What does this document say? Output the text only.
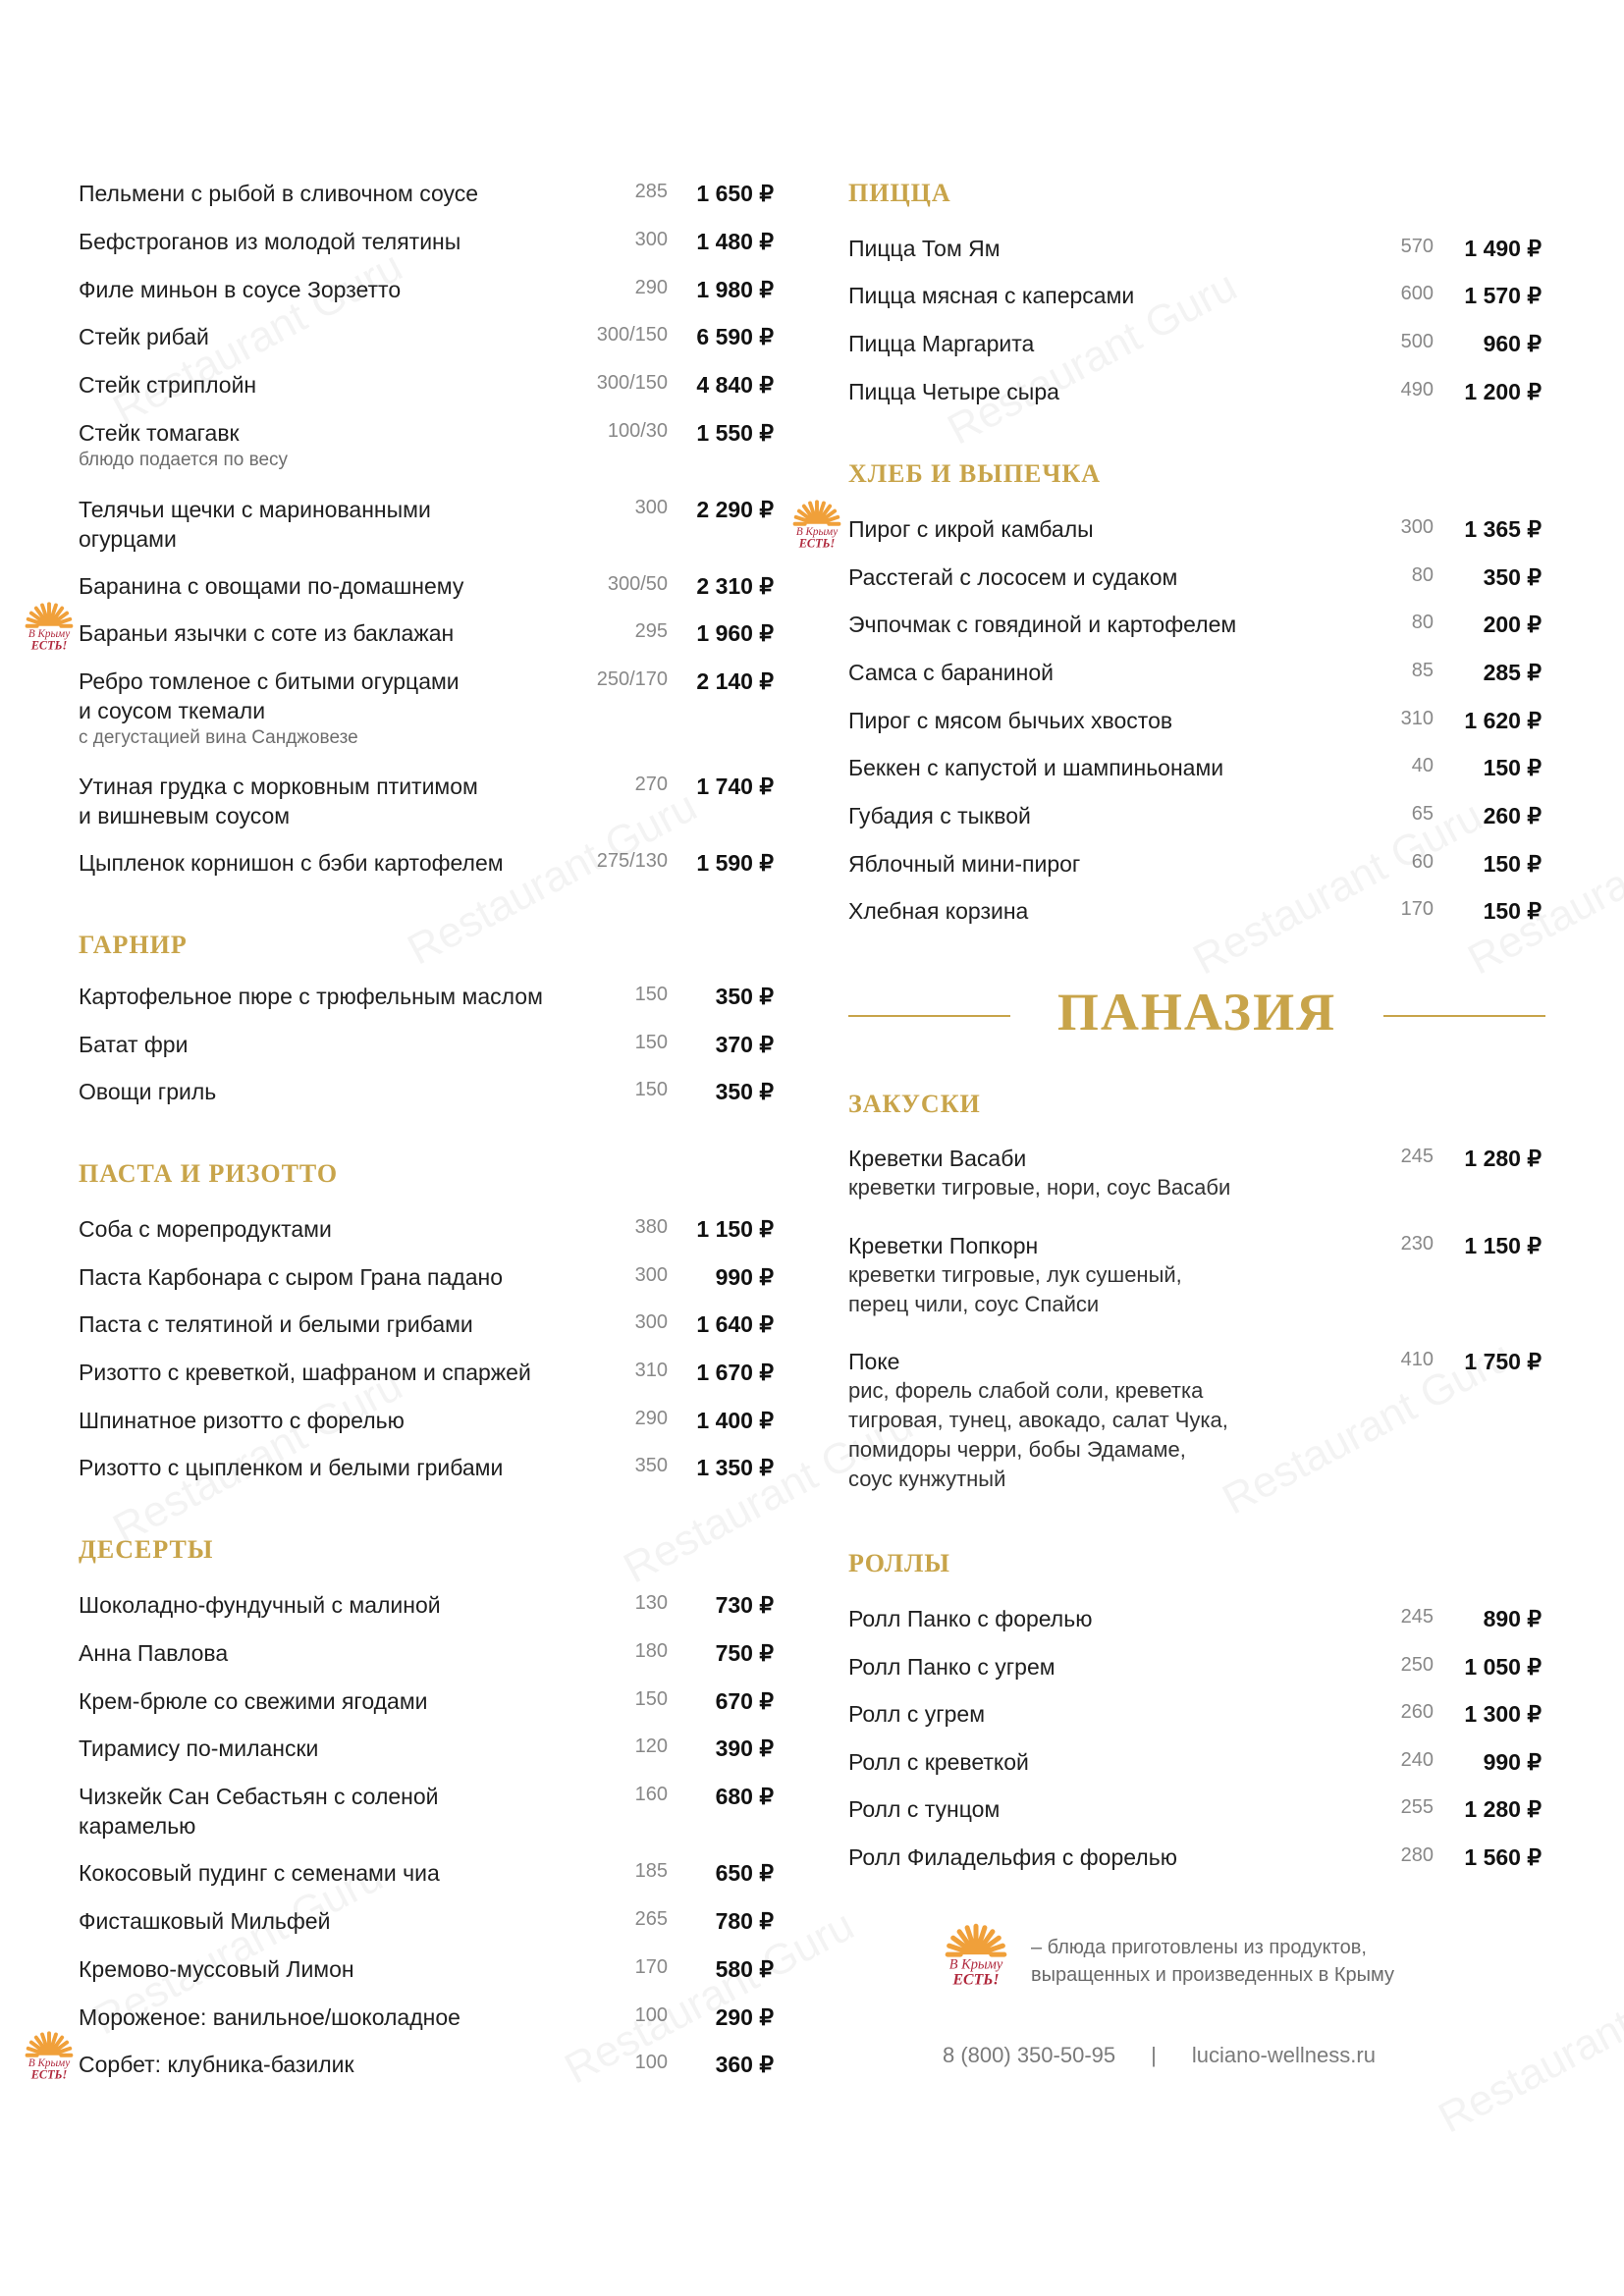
Пельмени с рыбой в сливочном соусе	285	1 650 ₽
Бефстроганов из молодой телятины	300	1 480 ₽
Филе миньон в соусе Зорзетто	290	1 980 ₽
Стейк рибай	300/150	6 590 ₽
Стейк стриплойн	300/150	4 840 ₽
Стейк томагавк
блюдо подается по весу
100/30	1 550 ₽
Телячьи щечки с маринованными
огурцами
300	2 290 ₽
Баранина с овощами по-домашнему	300/50	2 310 ₽
Бараньи язычки с соте из баклажан	295	1 960 ₽
Ребро томленое с битыми огурцами
и соусом ткемали
с дегустацией вина Санджовезе
250/170	2 140 ₽
Утиная грудка с морковным птитимом
и вишневым соусом
270	1 740 ₽
Цыпленок корнишон с бэби картофелем	275/130	1 590 ₽
ГАРНИР
Картофельное пюре с трюфельным маслом	150	350 ₽
Батат фри	150	370 ₽
Овощи гриль	150	350 ₽
ПАСТА И РИЗОТТО
Соба с морепродуктами	380	1 150 ₽
Паста Карбонара с сыром Грана падано	300	990 ₽
Паста с телятиной и белыми грибами	300	1 640 ₽
Ризотто с креветкой, шафраном и спаржей	310	1 670 ₽
Шпинатное ризотто с форелью	290	1 400 ₽
Ризотто с цыпленком и белыми грибами	350	1 350 ₽
ДЕСЕРТЫ
Шоколадно-фундучный с малиной	130	730 ₽
Анна Павлова	180	750 ₽
Крем-брюле со свежими ягодами	150	670 ₽
Тирамису по-милански	120	390 ₽
Чизкейк Сан Себастьян с соленой
карамелью
160	680 ₽
Кокосовый пудинг с семенами чиа	185	650 ₽
Фисташковый Мильфей	265	780 ₽
Кремово-муссовый Лимон	170	580 ₽
Мороженое: ванильное/шоколадное	100	290 ₽
Сорбет: клубника-базилик	100	360 ₽
ПИЦЦА
Пицца Том Ям	570	1 490 ₽
Пицца мясная с каперсами	600	1 570 ₽
Пицца Маргарита	500	960 ₽
Пицца Четыре сыра	490	1 200 ₽
ХЛЕБ И ВЫПЕЧКА
Пирог с икрой камбалы	300	1 365 ₽
Расстегай с лососем и судаком	80	350 ₽
Эчпочмак с говядиной и картофелем	80	200 ₽
Самса с бараниной	85	285 ₽
Пирог с мясом бычьих хвостов	310	1 620 ₽
Беккен с капустой и шампиньонами	40	150 ₽
Губадия с тыквой	65	260 ₽
Яблочный мини-пирог	60	150 ₽
Хлебная корзина	170	150 ₽
ПАНАЗИЯ
ЗАКУСКИ
Креветки Васаби
креветки тигровые, нори, соус Васаби
245	1 280 ₽
Креветки Попкорн
креветки тигровые, лук сушеный,
перец чили, соус Спайси
230	1 150 ₽
Поке
рис, форель слабой соли, креветка
тигровая, тунец, авокадо, салат Чука,
помидоры черри, бобы Эдамаме,
соус кунжутный
410	1 750 ₽
РОЛЛЫ
Ролл Панко с форелью	245	890 ₽
Ролл Панко с угрем	250	1 050 ₽
Ролл с угрем	260	1 300 ₽
Ролл с креветкой	240	990 ₽
Ролл с тунцом	255	1 280 ₽
Ролл Филадельфия с форелью	280	1 560 ₽
В Крыму
ЕСТЬ!
– блюда приготовлены из продуктов,
выращенных и произведенных в Крыму
8 (800) 350-50-95 | luciano-wellness.ru
В Крыму
ЕСТЬ!
В Крыму
ЕСТЬ!
В Крыму
ЕСТЬ!
